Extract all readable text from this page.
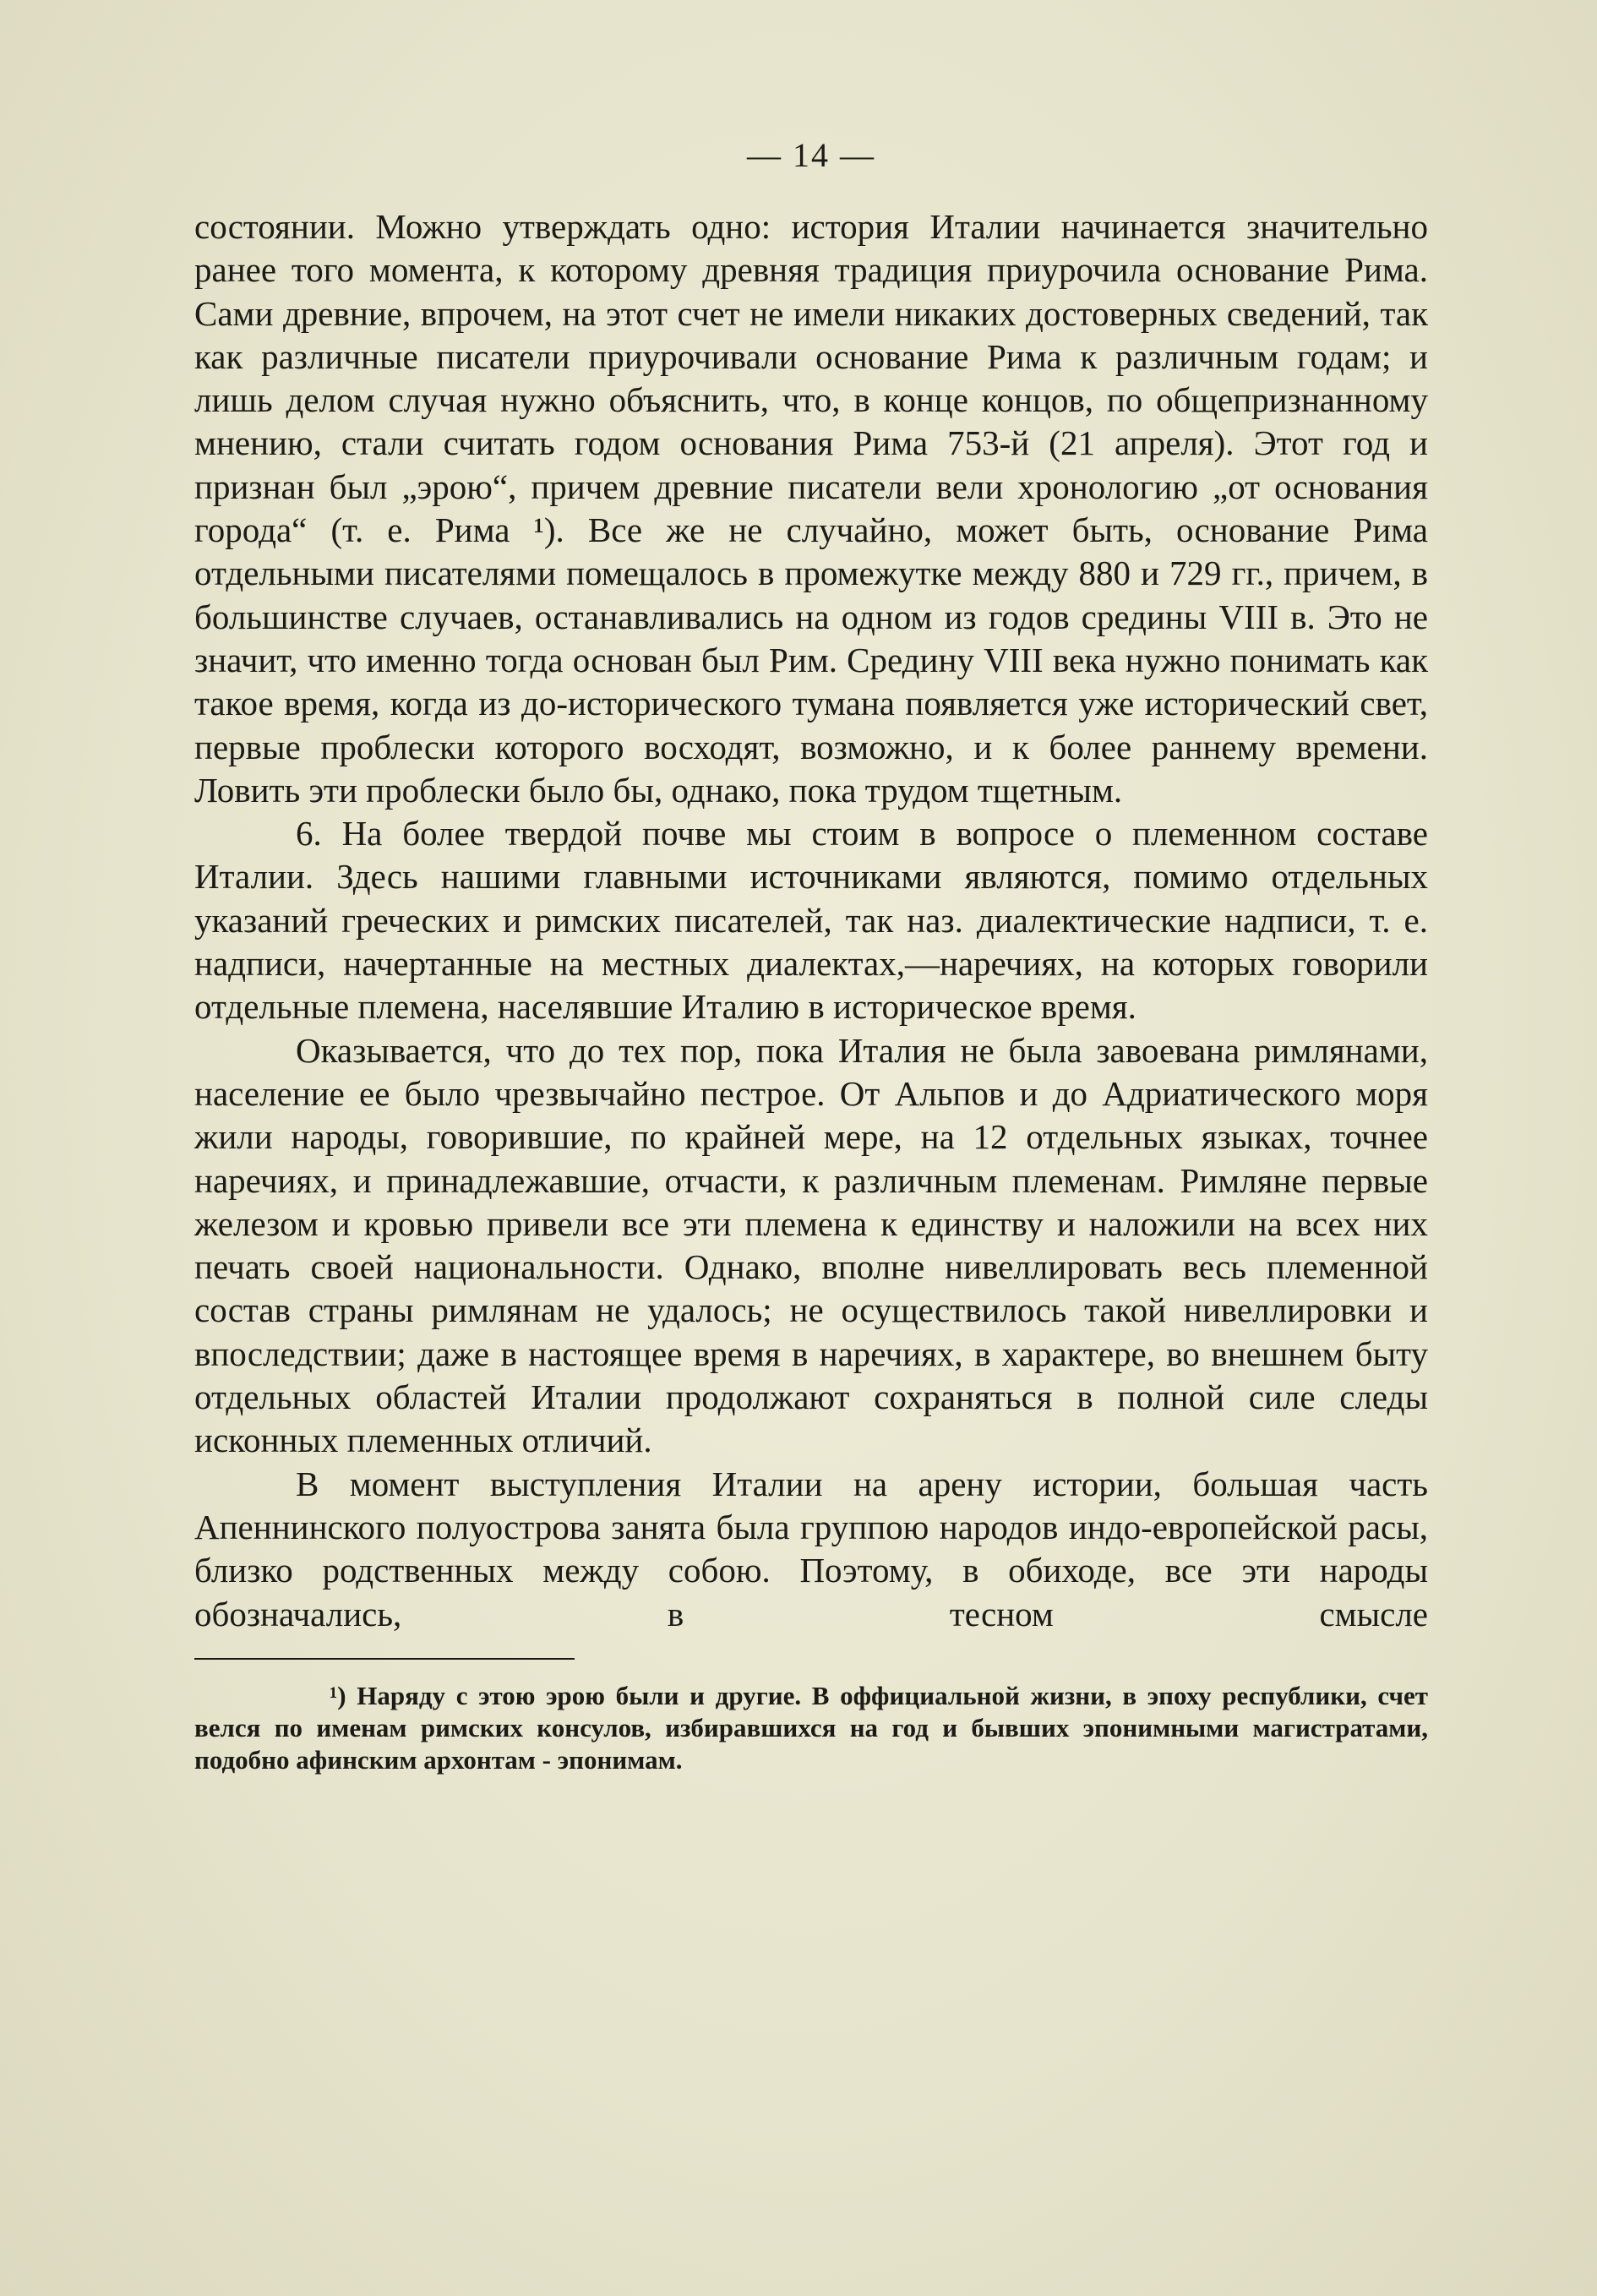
— 14 —

состоянии. Можно утверждать одно: история Италии начинается значительно ранее того момента, к которому древняя традиция приурочила основание Рима. Сами древние, впрочем, на этот счет не имели никаких достоверных сведений, так как различные писатели приурочивали основание Рима к различным годам; и лишь делом случая нужно объяснить, что, в конце концов, по общепризнанному мнению, стали считать годом основания Рима 753-й (21 апреля). Этот год и признан был „эрою“, причем древние писатели вели хронологию „от основания города“ (т. е. Рима ¹). Все же не случайно, может быть, основание Рима отдельными писателями помещалось в промежутке между 880 и 729 гг., причем, в большинстве случаев, останавливались на одном из годов средины VIII в. Это не значит, что именно тогда основан был Рим. Средину VIII века нужно понимать как такое время, когда из до-исторического тумана появляется уже исторический свет, первые проблески которого восходят, возможно, и к более раннему времени. Ловить эти проблески было бы, однако, пока трудом тщетным.

6. На более твердой почве мы стоим в вопросе о племенном составе Италии. Здесь нашими главными источниками являются, помимо отдельных указаний греческих и римских писателей, так наз. диалектические надписи, т. е. надписи, начертанные на местных диалектах,—наречиях, на которых говорили отдельные племена, населявшие Италию в историческое время.

Оказывается, что до тех пор, пока Италия не была завоевана римлянами, население ее было чрезвычайно пестрое. От Альпов и до Адриатического моря жили народы, говорившие, по крайней мере, на 12 отдельных языках, точнее наречиях, и принадлежавшие, отчасти, к различным племенам. Римляне первые железом и кровью привели все эти племена к единству и наложили на всех них печать своей национальности. Однако, вполне нивеллировать весь племенной состав страны римлянам не удалось; не осуществилось такой нивеллировки и впоследствии; даже в настоящее время в наречиях, в характере, во внешнем быту отдельных областей Италии продолжают сохраняться в полной силе следы исконных племенных отличий.

В момент выступления Италии на арену истории, большая часть Апеннинского полуострова занята была группою народов индо-европейской расы, близко родственных между собою. Поэтому, в обиходе, все эти народы обозначались, в тесном смысле

¹) Наряду с этою эрою были и другие. В оффициальной жизни, в эпоху республики, счет велся по именам римских консулов, избиравшихся на год и бывших эпонимными магистратами, подобно афинским архонтам - эпонимам.
